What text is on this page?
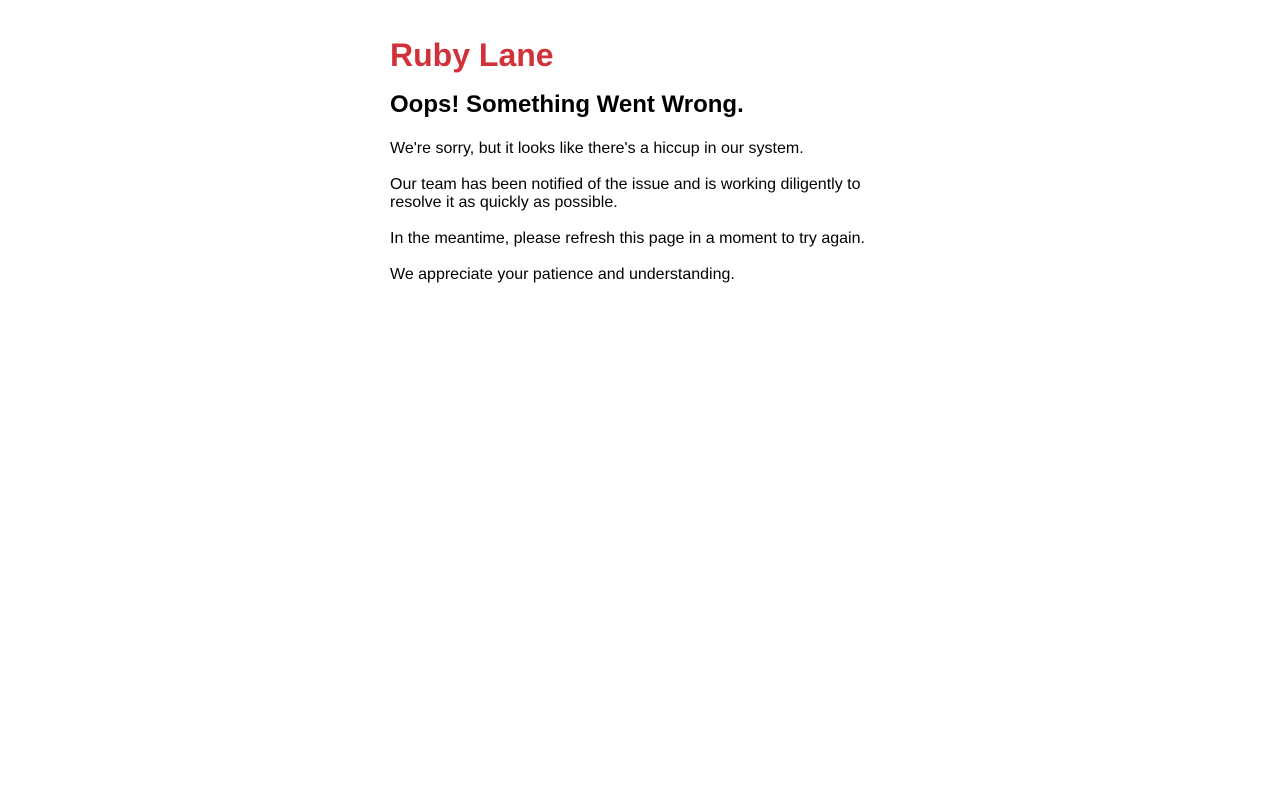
Ruby Lane
Oops! Something Went Wrong.

We're sorry, but it looks like there's a hiccup in our system.

Our team has been notified of the issue and is working diligently to resolve it as quickly as possible.

In the meantime, please refresh this page in a moment to try again.

We appreciate your patience and understanding.
